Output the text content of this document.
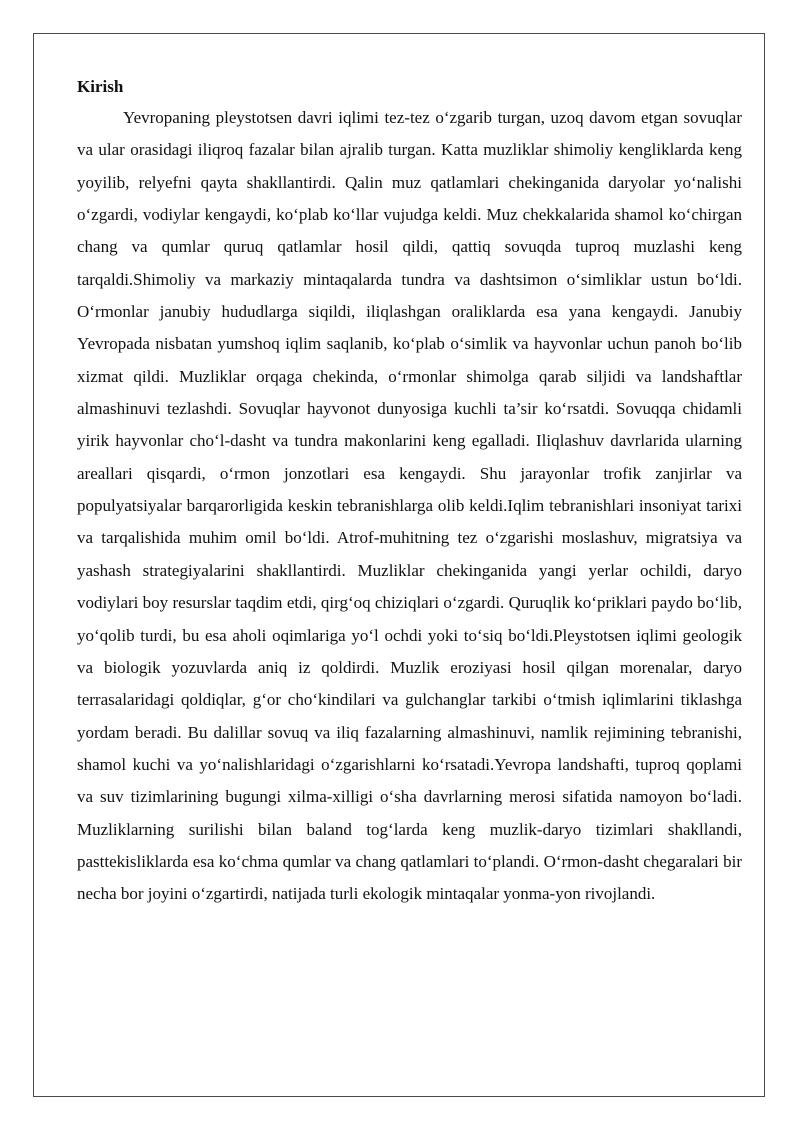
Kirish

Yevropaning pleystotsen davri iqlimi tez-tez o‘zgarib turgan, uzoq davom etgan sovuqlar va ular orasidagi iliqroq fazalar bilan ajralib turgan. Katta muzliklar shimoliy kengliklarda keng yoyilib, relyefni qayta shakllantirdi. Qalin muz qatlamlari chekinganida daryolar yo‘nalishi o‘zgardi, vodiylar kengaydi, ko‘plab ko‘llar vujudga keldi. Muz chekkalarida shamol ko‘chirgan chang va qumlar quruq qatlamlar hosil qildi, qattiq sovuqda tuproq muzlashi keng tarqaldi.Shimoliy va markaziy mintaqalarda tundra va dashtsimon o‘simliklar ustun bo‘ldi. O‘rmonlar janubiy hududlarga siqildi, iliqlashgan oraliklarda esa yana kengaydi. Janubiy Yevropada nisbatan yumshoq iqlim saqlanib, ko‘plab o‘simlik va hayvonlar uchun panoh bo‘lib xizmat qildi. Muzliklar orqaga chekinda, o‘rmonlar shimolga qarab siljidi va landshaftlar almashinuvi tezlashdi. Sovuqlar hayvonot dunyosiga kuchli ta’sir ko‘rsatdi. Sovuqqa chidamli yirik hayvonlar cho‘l-dasht va tundra makonlarini keng egalladi. Iliqlashuv davrlarida ularning areallari qisqardi, o‘rmon jonzotlari esa kengaydi. Shu jarayonlar trofik zanjirlar va populyatsiyalar barqarorligida keskin tebranishlarga olib keldi.Iqlim tebranishlari insoniyat tarixi va tarqalishida muhim omil bo‘ldi. Atrof-muhitning tez o‘zgarishi moslashuv, migratsiya va yashash strategiyalarini shakllantirdi. Muzliklar chekinganida yangi yerlar ochildi, daryo vodiylari boy resurslar taqdim etdi, qirg‘oq chiziqlari o‘zgardi. Quruqlik ko‘priklari paydo bo‘lib, yo‘qolib turdi, bu esa aholi oqimlariga yo‘l ochdi yoki to‘siq bo‘ldi.Pleystotsen iqlimi geologik va biologik yozuvlarda aniq iz qoldirdi. Muzlik eroziyasi hosil qilgan morenalar, daryo terrasalaridagi qoldiqlar, g‘or cho‘kindilari va gulchanglar tarkibi o‘tmish iqlimlarini tiklashga yordam beradi. Bu dalillar sovuq va iliq fazalarning almashinuvi, namlik rejimining tebranishi, shamol kuchi va yo‘nalishlaridagi o‘zgarishlarni ko‘rsatadi.Yevropa landshafti, tuproq qoplami va suv tizimlarining bugungi xilma-xilligi o‘sha davrlarning merosi sifatida namoyon bo‘ladi. Muzliklarning surilishi bilan baland tog‘larda keng muzlik-daryo tizimlari shakllandi, pasttekisliklarda esa ko‘chma qumlar va chang qatlamlari to‘plandi. O‘rmon-dasht chegaralari bir necha bor joyini o‘zgartirdi, natijada turli ekologik mintaqalar yonma-yon rivojlandi.
